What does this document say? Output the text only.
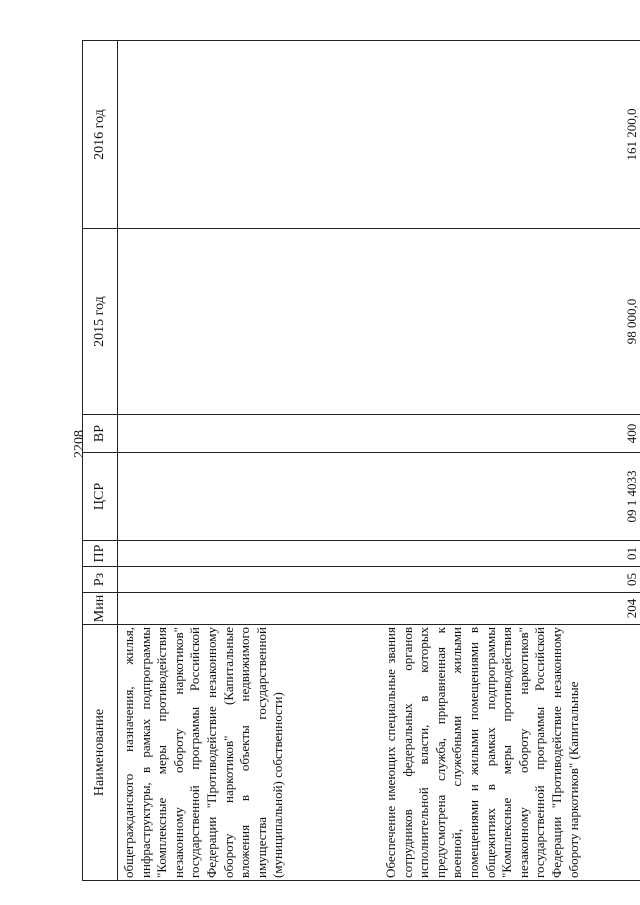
2208
Наименование	Мин	Рз	ПР	ЦСР	ВР	2015 год	2016 год
общегражданского назначения, жилья, инфраструктуры, в рамках подпрограммы "Комплексные меры противодействия незаконному обороту наркотиков" государственной программы Российской Федерации "Противодействие незаконному обороту наркотиков" (Капитальные вложения в объекты недвижимого имущества государственной (муниципальной) собственности)							
Обеспечение имеющих специальные звания сотрудников федеральных органов исполнительной власти, в которых предусмотрена служба, приравненная к военной, служебными жилыми помещениями и жилыми помещениями в общежитиях в рамках подпрограммы "Комплексные меры противодействия незаконному обороту наркотиков" государственной программы Российской Федерации "Противодействие незаконному обороту наркотиков" (Капитальные	204	05	01	09 1 4033	400	98 000,0	161 200,0
